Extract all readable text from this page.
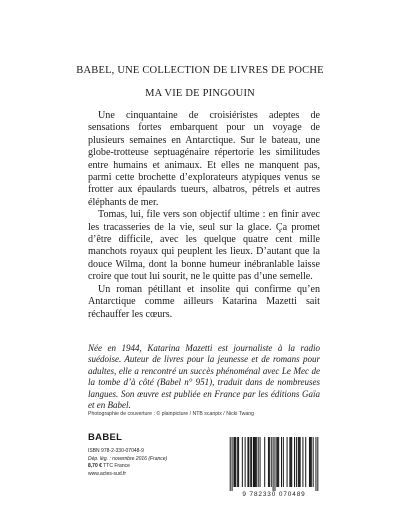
BABEL, UNE COLLECTION DE LIVRES DE POCHE
MA VIE DE PINGOUIN

Une cinquantaine de croisiéristes adeptes de sensations fortes embarquent pour un voyage de plusieurs semaines en Antarctique. Sur le bateau, une globe-trotteuse septuagénaire répertorie les similitudes entre humains et animaux. Et elles ne manquent pas, parmi cette brochette d’explorateurs atypiques venus se frotter aux épaulards tueurs, albatros, pétrels et autres éléphants de mer.

Tomas, lui, file vers son objectif ultime : en finir avec les tracasseries de la vie, seul sur la glace. Ça promet d’être difficile, avec les quelque quatre cent mille manchots royaux qui peuplent les lieux. D’autant que la douce Wilma, dont la bonne humeur inébranlable laisse croire que tout lui sourit, ne le quitte pas d’une semelle.

Un roman pétillant et insolite qui confirme qu’en Antarctique comme ailleurs Katarina Mazetti sait réchauffer les cœurs.

Née en 1944, Katarina Mazetti est journaliste à la radio suédoise. Auteur de livres pour la jeunesse et de romans pour adultes, elle a rencontré un succès phénoménal avec Le Mec de la tombe d’à côté (Babel n° 951), traduit dans de nombreuses langues. Son œuvre est publiée en France par les éditions Gaïa et en Babel.

Photographie de couverture : © plainpicture / NTB scanpix / Nicki Twang
BABEL
ISBN 978-2-330-07048-9
Dép. lég. : novembre 2016 (France)
8,70 € TTC France
www.actes-sud.fr
9 782330 070489
